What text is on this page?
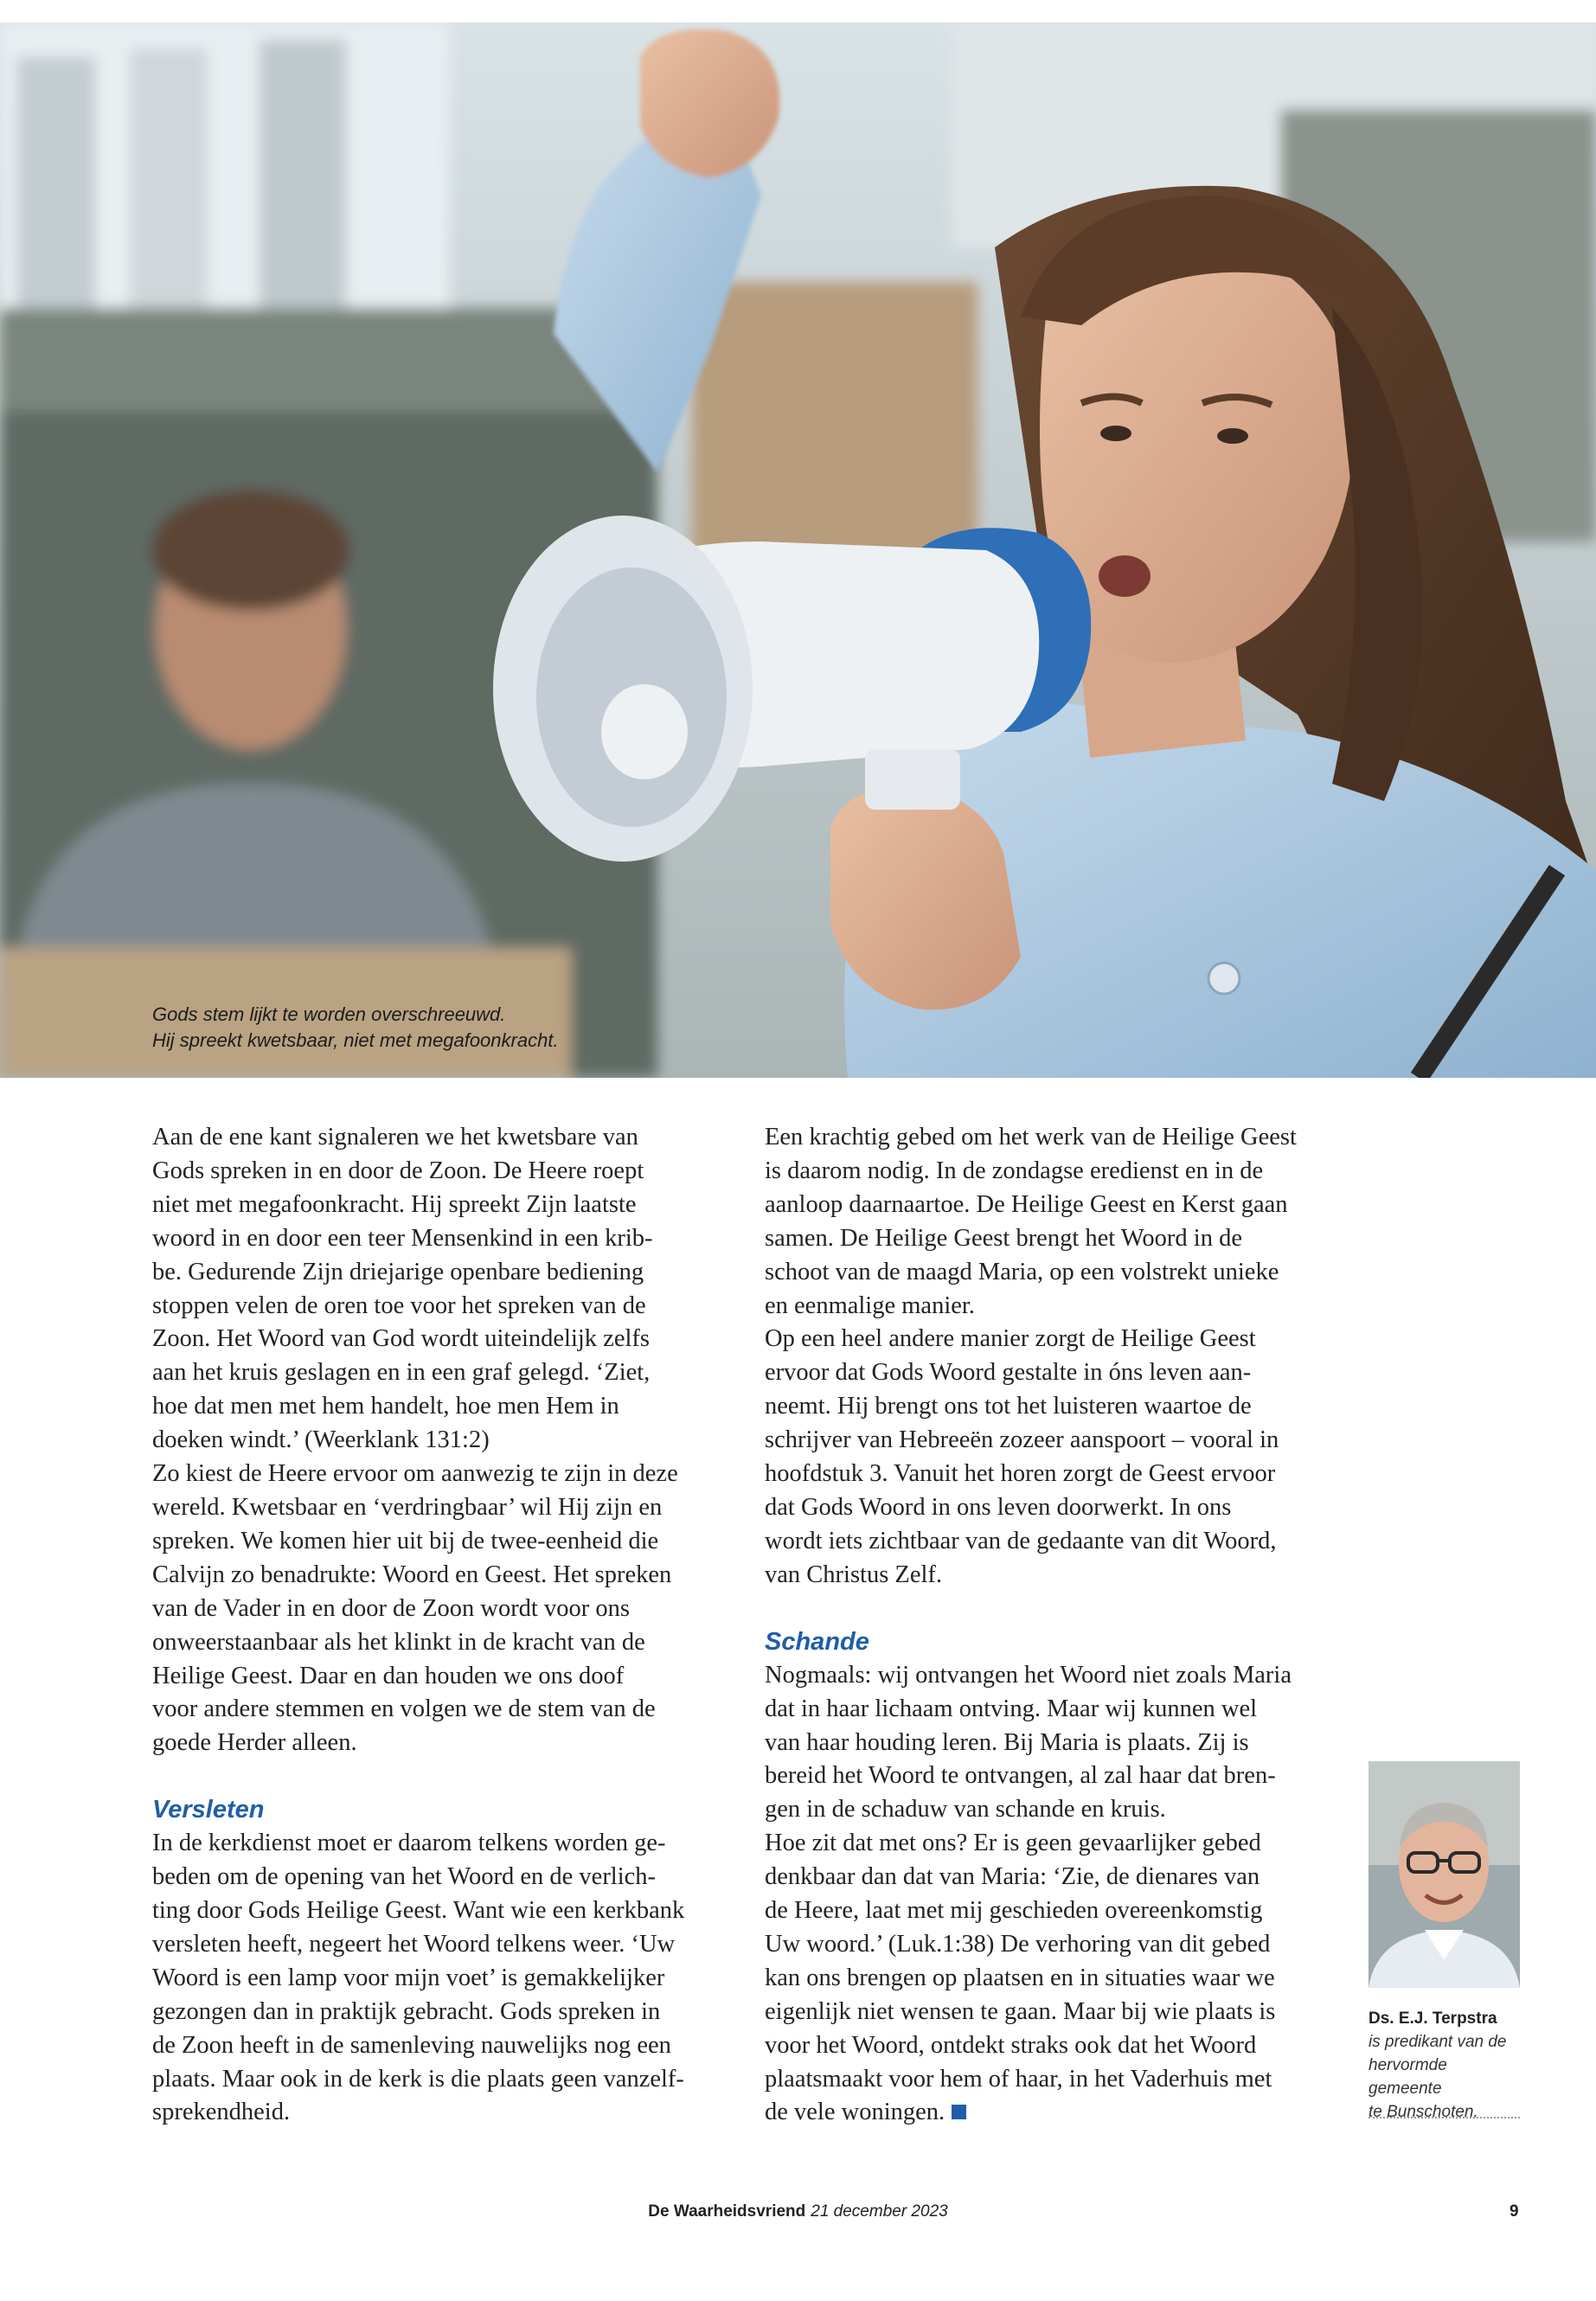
Gods stem lijkt te worden overschreeuwd.
Hij spreekt kwetsbaar, niet met megafoonkracht.

Aan de ene kant signaleren we het kwetsbare van
Gods spreken in en door de Zoon. De Heere roept
niet met megafoonkracht. Hij spreekt Zijn laatste
woord in en door een teer Mensenkind in een krib-
be. Gedurende Zijn driejarige openbare bediening
stoppen velen de oren toe voor het spreken van de
Zoon. Het Woord van God wordt uiteindelijk zelfs
aan het kruis geslagen en in een graf gelegd. ‘Ziet,
hoe dat men met hem handelt, hoe men Hem in
doeken windt.’ (Weerklank 131:2)

Zo kiest de Heere ervoor om aanwezig te zijn in deze
wereld. Kwetsbaar en ‘verdringbaar’ wil Hij zijn en
spreken. We komen hier uit bij de twee-eenheid die
Calvijn zo benadrukte: Woord en Geest. Het spreken
van de Vader in en door de Zoon wordt voor ons
onweerstaanbaar als het klinkt in de kracht van de
Heilige Geest. Daar en dan houden we ons doof
voor andere stemmen en volgen we de stem van de
goede Herder alleen.

Versleten

In de kerkdienst moet er daarom telkens worden ge-
beden om de opening van het Woord en de verlich-
ting door Gods Heilige Geest. Want wie een kerkbank
versleten heeft, negeert het Woord telkens weer. ‘Uw
Woord is een lamp voor mijn voet’ is gemakkelijker
gezongen dan in praktijk gebracht. Gods spreken in
de Zoon heeft in de samenleving nauwelijks nog een
plaats. Maar ook in de kerk is die plaats geen vanzelf-
sprekendheid.

Een krachtig gebed om het werk van de Heilige Geest
is daarom nodig. In de zondagse eredienst en in de
aanloop daarnaartoe. De Heilige Geest en Kerst gaan
samen. De Heilige Geest brengt het Woord in de
schoot van de maagd Maria, op een volstrekt unieke
en eenmalige manier.

Op een heel andere manier zorgt de Heilige Geest
ervoor dat Gods Woord gestalte in óns leven aan-
neemt. Hij brengt ons tot het luisteren waartoe de
schrijver van Hebreeën zozeer aanspoort – vooral in
hoofdstuk 3. Vanuit het horen zorgt de Geest ervoor
dat Gods Woord in ons leven doorwerkt. In ons
wordt iets zichtbaar van de gedaante van dit Woord,
van Christus Zelf.

Schande

Nogmaals: wij ontvangen het Woord niet zoals Maria
dat in haar lichaam ontving. Maar wij kunnen wel
van haar houding leren. Bij Maria is plaats. Zij is
bereid het Woord te ontvangen, al zal haar dat bren-
gen in de schaduw van schande en kruis.

Hoe zit dat met ons? Er is geen gevaarlijker gebed
denkbaar dan dat van Maria: ‘Zie, de dienares van
de Heere, laat met mij geschieden overeenkomstig
Uw woord.’ (Luk.1:38) De verhoring van dit gebed
kan ons brengen op plaatsen en in situaties waar we
eigenlijk niet wensen te gaan. Maar bij wie plaats is
voor het Woord, ontdekt straks ook dat het Woord
plaatsmaakt voor hem of haar, in het Vaderhuis met
de vele woningen.

Ds. E.J. Terpstra
is predikant van de
hervormde gemeente
te Bunschoten.
De Waarheidsvriend 21 december 2023	9
